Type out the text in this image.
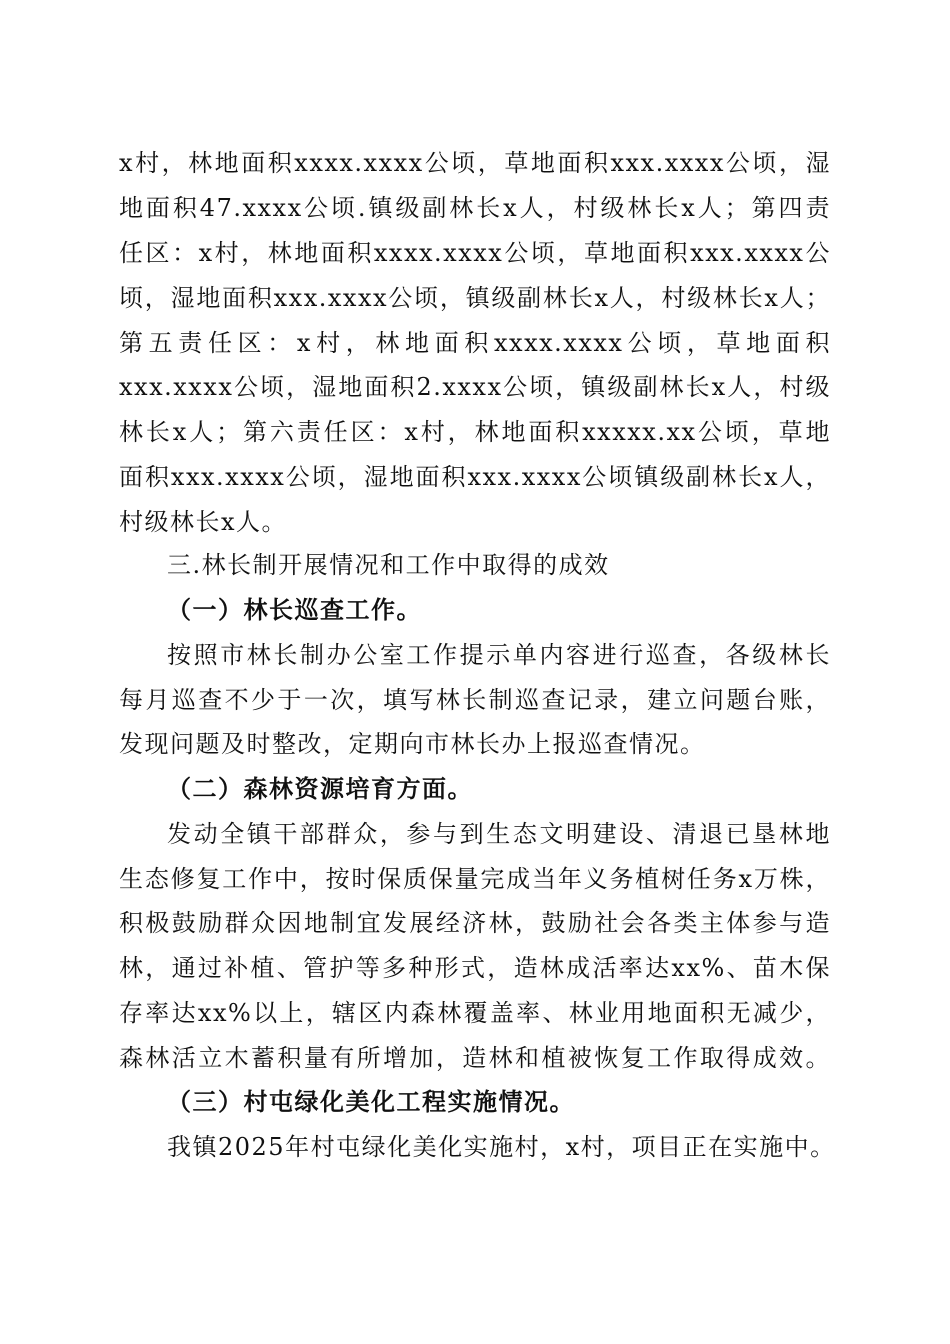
x村，林地面积xxxx.xxxx公顷，草地面积xxx.xxxx公顷，湿
地面积47.xxxx公顷.镇级副林长x人，村级林长x人；第四责
任区：x村，林地面积xxxx.xxxx公顷，草地面积xxx.xxxx公
顷，湿地面积xxx.xxxx公顷，镇级副林长x人，村级林长x人；
第五责任区：x村，林地面积xxxx.xxxx公顷，草地面积
xxx.xxxx公顷，湿地面积2.xxxx公顷，镇级副林长x人，村级
林长x人；第六责任区：x村，林地面积xxxxx.xx公顷，草地
面积xxx.xxxx公顷，湿地面积xxx.xxxx公顷镇级副林长x人，
村级林长x人。
三.林长制开展情况和工作中取得的成效
（一）林长巡查工作。
按照市林长制办公室工作提示单内容进行巡查，各级林长
每月巡查不少于一次，填写林长制巡查记录，建立问题台账，
发现问题及时整改，定期向市林长办上报巡查情况。
（二）森林资源培育方面。
发动全镇干部群众，参与到生态文明建设、清退已垦林地
生态修复工作中，按时保质保量完成当年义务植树任务x万株，
积极鼓励群众因地制宜发展经济林，鼓励社会各类主体参与造
林，通过补植、管护等多种形式，造林成活率达xx%、苗木保
存率达xx%以上，辖区内森林覆盖率、林业用地面积无减少，
森林活立木蓄积量有所增加，造林和植被恢复工作取得成效。
（三）村屯绿化美化工程实施情况。
我镇2025年村屯绿化美化实施村，x村，项目正在实施中。
